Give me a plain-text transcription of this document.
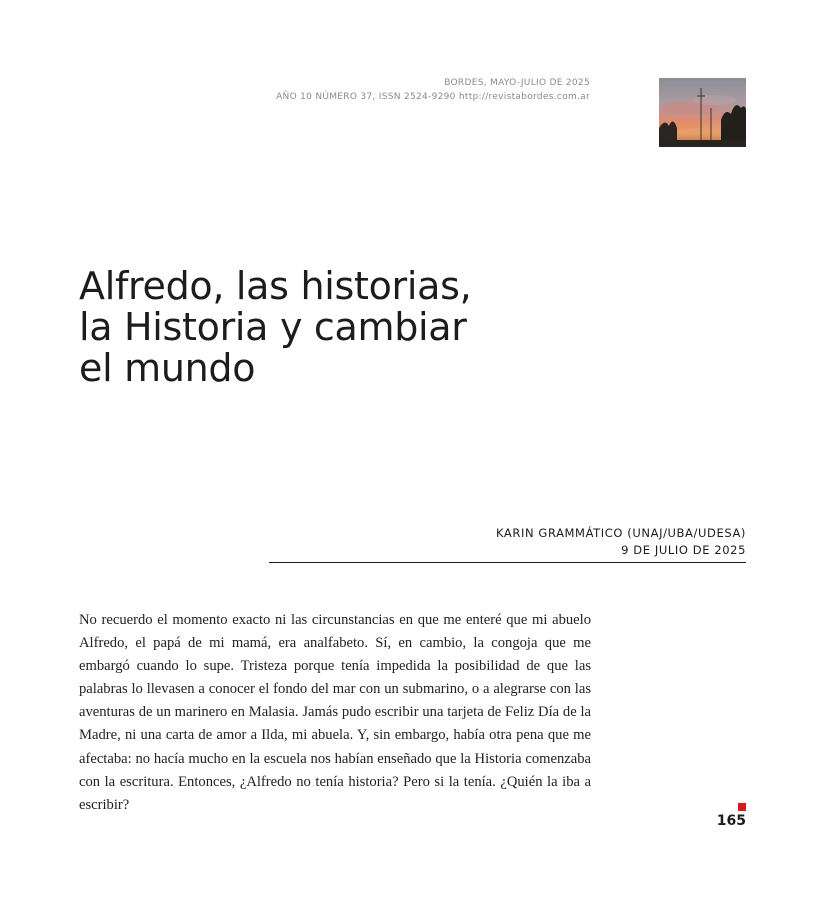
BORDES, MAYO-JULIO DE 2025
AÑO 10 NÚMERO 37, ISSN 2524-9290 http://revistabordes.com.ar
Alfredo, las historias,
la Historia y cambiar
el mundo
KARIN GRAMMÁTICO (UNAJ/UBA/UDESA)
9 DE JULIO DE 2025

No recuerdo el momento exacto ni las circunstancias en que me enteré que mi abuelo Alfredo, el papá de mi mamá, era analfabeto. Sí, en cambio, la congoja que me embargó cuando lo supe. Tristeza porque tenía impedida la posibilidad de que las palabras lo llevasen a conocer el fondo del mar con un submarino, o a alegrarse con las aventuras de un marinero en Malasia. Jamás pudo escribir una tarjeta de Feliz Día de la Madre, ni una carta de amor a Ilda, mi abuela. Y, sin embargo, había otra pena que me afectaba: no hacía mucho en la escuela nos habían enseñado que la Historia comenzaba con la escritura. Entonces, ¿Alfredo no tenía historia? Pero si la tenía. ¿Quién la iba a escribir?

165
